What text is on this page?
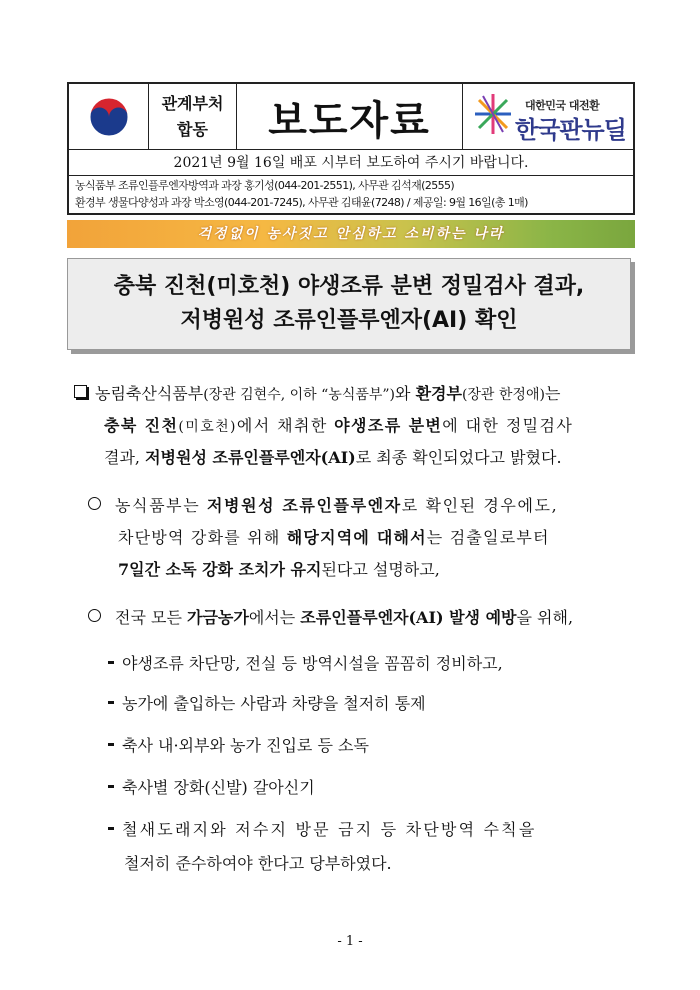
관계부처
합동	보도자료	대한민국 대전환
한국판뉴딜
2021년 9월 16일 배포 시부터 보도하여 주시기 바랍니다.
농식품부 조류인플루엔자방역과 과장 홍기성(044-201-2551), 사무관 김석재(2555)
환경부 생물다양성과 과장 박소영(044-201-7245), 사무관 김태윤(7248) / 제공일: 9월 16일(총 1매)
걱정없이 농사짓고 안심하고 소비하는 나라
충북 진천(미호천) 야생조류 분변 정밀검사 결과,
저병원성 조류인플루엔자(AI) 확인
농림축산식품부(장관 김현수, 이하 “농식품부”)와 환경부(장관 한정애)는
충북 진천(미호천)에서 채취한 야생조류 분변에 대한 정밀검사
결과, 저병원성 조류인플루엔자(AI)로 최종 확인되었다고 밝혔다.
농식품부는 저병원성 조류인플루엔자로 확인된 경우에도,
차단방역 강화를 위해 해당지역에 대해서는 검출일로부터
7일간 소독 강화 조치가 유지된다고 설명하고,
전국 모든 가금농가에서는 조류인플루엔자(AI) 발생 예방을 위해,
야생조류 차단망, 전실 등 방역시설을 꼼꼼히 정비하고,
농가에 출입하는 사람과 차량을 철저히 통제
축사 내·외부와 농가 진입로 등 소독
축사별 장화(신발) 갈아신기
철새도래지와 저수지 방문 금지 등 차단방역 수칙을
철저히 준수하여야 한다고 당부하였다.
- 1 -
